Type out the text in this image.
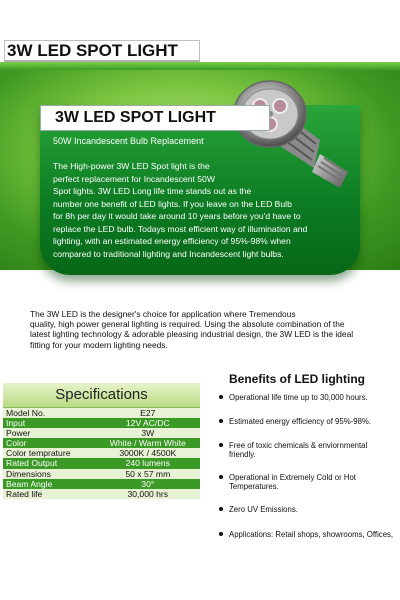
3W LED SPOT LIGHT
3W LED SPOT LIGHT
50W Incandescent Bulb Replacement

The High-power 3W LED Spot light is the

perfect replacement for Incandescent 50W

Spot lights. 3W LED Long life time stands out as the

number one benefit of LED lights. If you leave on the LED Bulb

for 8h per day it would take around 10 years before you'd have to

replace the LED bulb. Todays most efficient way of illumination and

lighting, with an estimated energy efficiency of 95%-98% when

compared to traditional lighting and Incandescent light bulbs.

The 3W LED is the designer's choice for application where Tremendous
quality, high power general lighting is required. Using the absolute combination of the
latest lighting technology & adorable pleasing industrial design, the 3W LED is the ideal
fitting for your modern lighting needs.
Specifications
Model No.	E27
Input	12V AC/DC
Power	3W
Color	White / Warm White
Color temprature	3000K / 4500K
Rated Output	240 lumens
Dimensions	50 x 57 mm
Beam Angle	30°
Rated life	30,000 hrs
Benefits of LED lighting
Operational life time up to 30,000 hours.
Estimated energy efficiency of 95%-98%.
Free of toxic chemicals & enviornmental
friendly.
Operational in Extremely Cold or Hot
Temperatures.
Zero UV Emissions.
Applications: Retail shops, showrooms, Offices,
